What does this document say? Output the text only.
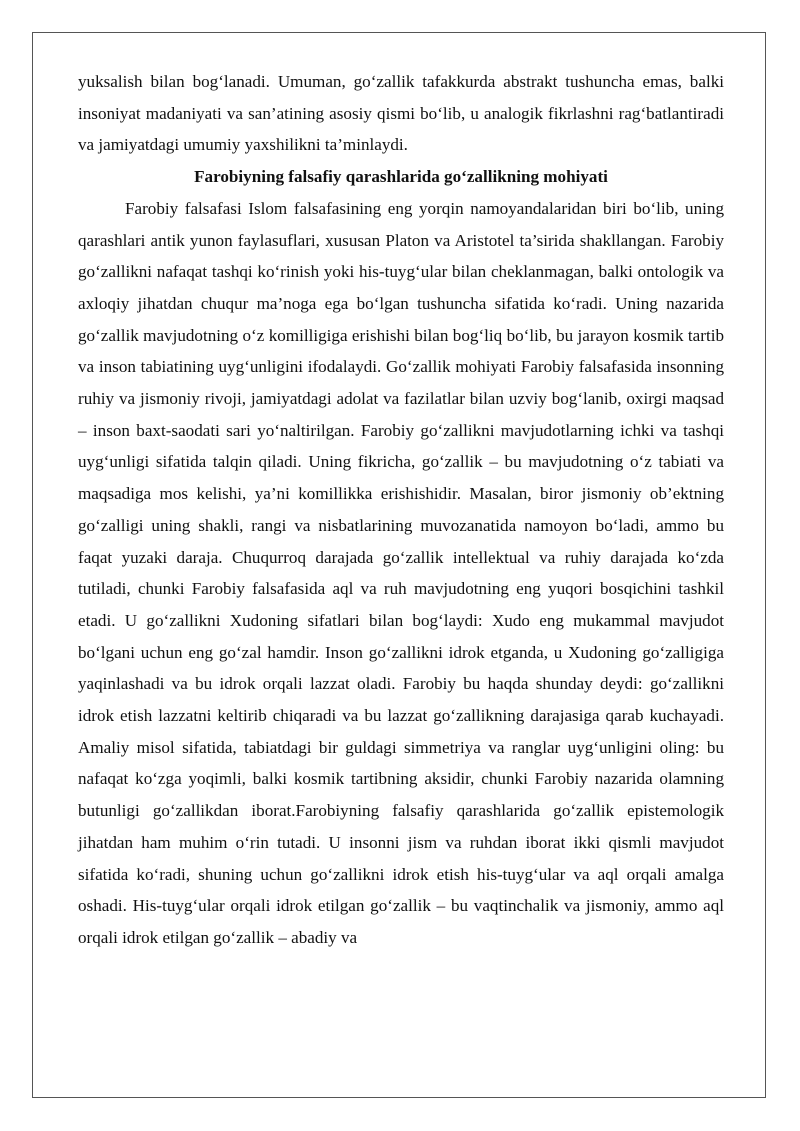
yuksalish bilan bog‘lanadi. Umuman, go‘zallik tafakkurda abstrakt tushuncha emas, balki insoniyat madaniyati va san’atining asosiy qismi bo‘lib, u analogik fikrlashni rag‘batlantiradi va jamiyatdagi umumiy yaxshilikni ta’minlaydi.

Farobiyning falsafiy qarashlarida go‘zallikning mohiyati

Farobiy falsafasi Islom falsafasining eng yorqin namoyandalaridan biri bo‘lib, uning qarashlari antik yunon faylasuflari, xususan Platon va Aristotel ta’sirida shakllangan. Farobiy go‘zallikni nafaqat tashqi ko‘rinish yoki his-tuyg‘ular bilan cheklanmagan, balki ontologik va axloqiy jihatdan chuqur ma’noga ega bo‘lgan tushuncha sifatida ko‘radi. Uning nazarida go‘zallik mavjudotning o‘z komilligiga erishishi bilan bog‘liq bo‘lib, bu jarayon kosmik tartib va inson tabiatining uyg‘unligini ifodalaydi. Go‘zallik mohiyati Farobiy falsafasida insonning ruhiy va jismoniy rivoji, jamiyatdagi adolat va fazilatlar bilan uzviy bog‘lanib, oxirgi maqsad – inson baxt-saodati sari yo‘naltirilgan. Farobiy go‘zallikni mavjudotlarning ichki va tashqi uyg‘unligi sifatida talqin qiladi. Uning fikricha, go‘zallik – bu mavjudotning o‘z tabiati va maqsadiga mos kelishi, ya’ni komillikka erishishidir. Masalan, biror jismoniy ob’ektning go‘zalligi uning shakli, rangi va nisbatlarining muvozanatida namoyon bo‘ladi, ammo bu faqat yuzaki daraja. Chuqurroq darajada go‘zallik intellektual va ruhiy darajada ko‘zda tutiladi, chunki Farobiy falsafasida aql va ruh mavjudotning eng yuqori bosqichini tashkil etadi. U go‘zallikni Xudoning sifatlari bilan bog‘laydi: Xudo eng mukammal mavjudot bo‘lgani uchun eng go‘zal hamdir. Inson go‘zallikni idrok etganda, u Xudoning go‘zalligiga yaqinlashadi va bu idrok orqali lazzat oladi. Farobiy bu haqda shunday deydi: go‘zallikni idrok etish lazzatni keltirib chiqaradi va bu lazzat go‘zallikning darajasiga qarab kuchayadi. Amaliy misol sifatida, tabiatdagi bir guldagi simmetriya va ranglar uyg‘unligini oling: bu nafaqat ko‘zga yoqimli, balki kosmik tartibning aksidir, chunki Farobiy nazarida olamning butunligi go‘zallikdan iborat.Farobiyning falsafiy qarashlarida go‘zallik epistemologik jihatdan ham muhim o‘rin tutadi. U insonni jism va ruhdan iborat ikki qismli mavjudot sifatida ko‘radi, shuning uchun go‘zallikni idrok etish his-tuyg‘ular va aql orqali amalga oshadi. His-tuyg‘ular orqali idrok etilgan go‘zallik – bu vaqtinchalik va jismoniy, ammo aql orqali idrok etilgan go‘zallik – abadiy va
